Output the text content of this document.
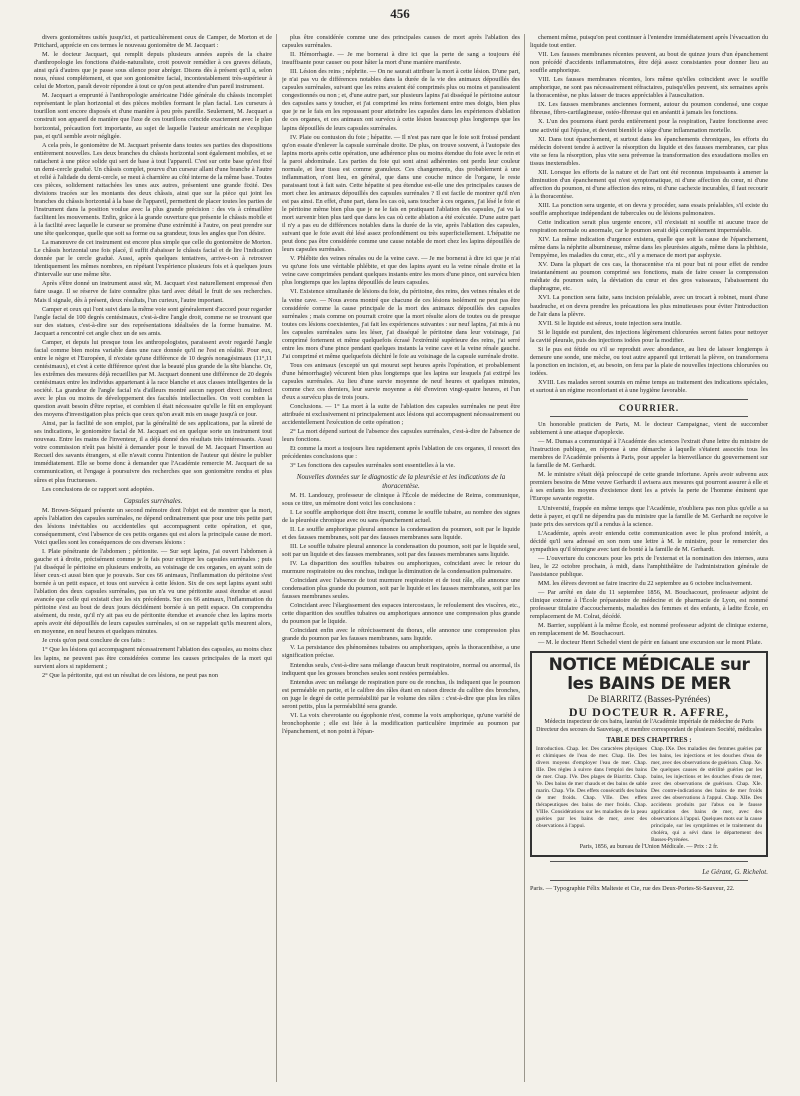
456

divers goniomètres usités jusqu'ici, et particulièrement ceux de Camper, de Morton et de Pritchard, apprécie en ces termes le nouveau goniomètre de M. Jacquart :

M. le docteur Jacquart, qui remplit depuis plusieurs années auprès de la chaire d'anthropologie les fonctions d'aide-naturaliste, croit pouvoir remédier à ces graves défauts, ainsi qu'à d'autres que je passe sous silence pour abréger. Disons dès à présent qu'il a, selon nous, réussi complétement, et que son goniomètre facial, incontestablement très-supérieur à celui de Morton, paraît devoir répondre à tout ce qu'on peut attendre d'un pareil instrument.

M. Jacquart a emprunté à l'anthropologie américaine l'idée générale du châssis incomplet représentant le plan horizontal et des pièces mobiles formant le plan facial. Les curseurs à tourillon sont encore disposés et d'une manière à peu près pareille. Seulement, M. Jacquart a construit son appareil de manière que l'axe de ces tourillons coïncide exactement avec le plan horizontal, précaution fort importante, au sujet de laquelle l'auteur américain ne s'explique pas, et qu'il semble avoir négligée.

A cela près, le goniomètre de M. Jacquart présente dans toutes ses parties des dispositions entièrement nouvelles. Les deux branches du châssis horizontal sont également mobiles, et se rattachent à une pièce solide qui sert de base à tout l'appareil. C'est sur cette base qu'est fixé un demi-cercle gradué. Un châssis complet, pourvu d'un curseur allant d'une branche à l'autre et relié à l'alidade du demi-cercle, se meut à charnière au côté interne de la même base. Toutes ces pièces, solidement rattachées les unes aux autres, présentent une grande fixité. Des divisions tracées sur les montants des deux châssis, ainsi que sur la pièce qui joint les branches du châssis horizontal à la base de l'appareil, permettent de placer toutes les parties de l'instrument dans la position voulue avec la plus grande précision : des vis à crémaillère facilitent les mouvements. Enfin, grâce à la grande ouverture que présente le châssis mobile et à la facilité avec laquelle le curseur se promène d'une extrémité à l'autre, on peut prendre sur une tête quelconque, quelle que soit sa forme ou sa grandeur, tous les angles que l'on désire.

La manœuvre de cet instrument est encore plus simple que celle du goniomètre de Morton. Le châssis horizontal une fois placé, il suffit d'abaisser le châssis facial et de lire l'indication donnée par le cercle gradué. Aussi, après quelques tentatives, arrive-t-on à retrouver identiquement les mêmes nombres, en répétant l'expérience plusieurs fois et à quelques jours d'intervalle sur une même tête.

Après s'être donné un instrument aussi sûr, M. Jacquart s'est naturellement empressé d'en faire usage. Il se réserve de faire connaître plus tard avec détail le fruit de ses recherches. Mais il signale, dès à présent, deux résultats, l'un curieux, l'autre important.

Camper et ceux qui l'ont suivi dans la même voie sont généralement d'accord pour regarder l'angle facial de 100 degrés centésimaux, c'est-à-dire l'angle droit, comme ne se trouvant que sur des statues, c'est-à-dire sur des représentations idéalisées de la forme humaine. M. Jacquart a rencontré cet angle chez un de ses amis.

Camper, et depuis lui presque tous les anthropologistes, paraissent avoir regardé l'angle facial comme bien moins variable dans une race donnée qu'il ne l'est en réalité. Pour eux, entre le nègre et l'Européen, il n'existe qu'une différence de 10 degrés nonagésimaux (11°,11 centésimaux), et c'est à cette différence qu'est due la beauté plus grande de la tête blanche. Or, les extrêmes des mesures déjà recueillies par M. Jacquart donnent une différence de 20 degrés centésimaux entre les individus appartenant à la race blanche et aux classes intelligentes de la société. La grandeur de l'angle facial n'a d'ailleurs montré aucun rapport direct ou indirect avec le plus ou moins de développement des facultés intellectuelles. On voit combien la question avait besoin d'être reprise, et combien il était nécessaire qu'elle le fût en employant des moyens d'investigation plus précis que ceux qu'on avait mis en usage jusqu'à ce jour.

Ainsi, par la facilité de son emploi, par la généralité de ses applications, par la sûreté de ses indications, le goniomètre facial de M. Jacquart est en quelque sorte un instrument tout nouveau. Entre les mains de l'inventeur, il a déjà donné des résultats très intéressants. Aussi votre commission n'eût pas hésité à demander pour le travail de M. Jacquart l'insertion au Recueil des savants étrangers, si elle n'avait connu l'intention de l'auteur qui désire le publier immédiatement. Elle se borne donc à demander que l'Académie remercie M. Jacquart de sa communication, et l'engage à poursuivre des recherches que son goniomètre rendra et plus sûres et plus fructueuses.

Les conclusions de ce rapport sont adoptées.

Capsules surrénales.

M. Brown-Séquard présente un second mémoire dont l'objet est de montrer que la mort, après l'ablation des capsules surrénales, ne dépend ordinairement que pour une très petite part des lésions inévitables ou accidentelles qui accompagnent cette opération, et que, conséquemment, c'est l'absence de ces petits organes qui est alors la principale cause de mort. Voici quelles sont les conséquences de ces diverses lésions :

I. Plaie pénétrante de l'abdomen ; péritonite. — Sur sept lapins, j'ai ouvert l'abdomen à gauche et à droite, précisément comme je le fais pour extirper les capsules surrénales ; puis j'ai disséqué le péritoine en plusieurs endroits, au voisinage de ces organes, en ayant soin de léser ceux-ci aussi bien que je pouvais. Sur ces 66 animaux, l'inflammation du péritoine s'est bornée à un petit espace, et tous ont survécu à cette lésion. Six de ces sept lapins ayant subi l'ablation des deux capsules surrénales, pas un n'a vu une péritonite aussi étendue et aussi avancée que celle qui existait chez les six précédents. Sur ces 66 animaux, l'inflammation du péritoine s'est au bout de deux jours décidément bornée à un petit espace. On comprendra aisément, du reste, qu'il n'y ait pas eu de péritonite étendue et avancée chez les lapins morts après avoir été dépouillés de leurs capsules surrénales, si on se rappelait qu'ils meurent alors, en moyenne, en neuf heures et quelques minutes.

Je crois qu'on peut conclure de ces faits :

1° Que les lésions qui accompagnent nécessairement l'ablation des capsules, au moins chez les lapins, ne peuvent pas être considérées comme les causes principales de la mort qui survient alors si rapidement ;

2° Que la péritonite, qui est un résultat de ces lésions, ne peut pas non

plus être considérée comme une des principales causes de mort après l'ablation des capsules surrénales.

II. Hémorrhagie. — Je me bornerai à dire ici que la perte de sang a toujours été insuffisante pour causer ou pour hâter la mort d'une manière manifeste.

III. Lésion des reins ; néphrite. — On ne saurait attribuer la mort à cette lésion. D'une part, je n'ai pas vu de différences notables dans la durée de la vie des animaux dépouillés des capsules surrénales, suivant que les reins avaient été comprimés plus ou moins et paraissaient congestionnés ou non ; et, d'une autre part, sur plusieurs lapins j'ai disséqué le péritoine autour des capsules sans y toucher, et j'ai comprimé les reins fortement entre mes doigts, bien plus que je ne le fais en les repoussant pour atteindre les capsules dans les expériences d'ablation de ces organes, et ces animaux ont survécu à cette lésion beaucoup plus longtemps que les lapins dépouillés de leurs capsules surrénales.

IV. Plaie ou contusion du foie ; hépatite. — Il n'est pas rare que le foie soit froissé pendant qu'on essaie d'enlever la capsule surrénale droite. De plus, on trouve souvent, à l'autopsie des lapins morts après cette opération, une adhérence plus ou moins étendue du foie avec le rein et la paroi abdominale. Les parties du foie qui sont ainsi adhérentes ont perdu leur couleur normale, et leur tissu est comme granuleux. Ces changements, dus probablement à une inflammation, n'ont lieu, en général, que dans une couche mince de l'organe, le reste paraissant tout à fait sain. Cette hépatite si peu étendue est-elle une des principales causes de mort chez les animaux dépouillés des capsules surrénales ? Il est facile de montrer qu'il n'en est pas ainsi. En effet, d'une part, dans les cas où, sans toucher à ces organes, j'ai lésé le foie et le péritoine même bien plus que je ne le fais en pratiquant l'ablation des capsules, j'ai vu la mort survenir bien plus tard que dans les cas où cette ablation a été exécutée. D'une autre part il n'y a pas eu de différences notables dans la durée de la vie, après l'ablation des capsules, suivant que le foie avait été lésé assez profondément ou très superficiellement. L'hépatite ne peut donc pas être considérée comme une cause notable de mort chez les lapins dépouillés de leurs capsules surrénales.

V. Phlébite des veines rénales ou de la veine cave. — Je me bornerai à dire ici que je n'ai vu qu'une fois une véritable phlébite, et que des lapins ayant eu la veine rénale droite et la veine cave comprimées pendant quelques instants entre les mors d'une pince, ont survécu bien plus longtemps que les lapins dépouillés de leurs capsules.

VI. Existence simultanée de lésions du foie, du péritoine, des reins, des veines rénales et de la veine cave. — Nous avons montré que chacune de ces lésions isolément ne peut pas être considérée comme la cause principale de la mort des animaux dépouillés des capsules surrénales ; mais comme on pourrait croire que la mort résulte alors de toutes ou de presque toutes ces lésions coexistentes, j'ai fait les expériences suivantes : sur neuf lapins, j'ai mis à nu les capsules surrénales sans les léser, j'ai disséqué le péritoine dans leur voisinage, j'ai comprimé fortement et même quelquefois écrasé l'extrémité supérieure des reins, j'ai serré entre les mors d'une pince pendant quelques instants la veine cave et la veine rénale gauche. J'ai comprimé et même quelquefois déchiré le foie au voisinage de la capsule surrénale droite.

Tous ces animaux (excepté un qui mourut sept heures après l'opération, et probablement d'une hémorrhagie) vécurent bien plus longtemps que les lapins sur lesquels j'ai extirpé les capsules surrénales. Au lieu d'une survie moyenne de neuf heures et quelques minutes, comme chez ces derniers, leur survie moyenne a été d'environ vingt-quatre heures, et l'un d'eux a survécu plus de trois jours.

Conclusions. — 1° La mort à la suite de l'ablation des capsules surrénales ne peut être attribuée ni exclusivement ni principalement aux lésions qui accompagnent nécessairement ou accidentellement l'exécution de cette opération ;

2° La mort dépend surtout de l'absence des capsules surrénales, c'est-à-dire de l'absence de leurs fonctions.

Et comme la mort a toujours lieu rapidement après l'ablation de ces organes, il ressort des précédentes conclusions que :

3° Les fonctions des capsules surrénales sont essentielles à la vie.

Nouvelles données sur le diagnostic de la pleurésie et les indications de la thoracentèse.

M. H. Landouzy, professeur de clinique à l'École de médecine de Reims, communique, sous ce titre, un mémoire dont voici les conclusions :

I. Le souffle amphorique doit être inscrit, comme le souffle tubaire, au nombre des signes de la pleurésie chronique avec ou sans épanchement actuel.

II. Le souffle amphorique pleural annonce la condensation du poumon, soit par le liquide et des fausses membranes, soit par des fausses membranes sans liquide.

III. Le souffle tubaire pleural annonce la condensation du poumon, soit par le liquide seul, soit par un liquide et des fausses membranes, soit par des fausses membranes sans liquide.

IV. La disparition des souffles tubaires ou amphoriques, coïncidant avec le retour du murmure respiratoire ou des ronchus, indique la diminution de la condensation pulmonaire.

Coïncidant avec l'absence de tout murmure respiratoire et de tout râle, elle annonce une condensation plus grande du poumon, soit par le liquide et les fausses membranes, soit par les fausses membranes seules.

Coïncidant avec l'élargissement des espaces intercostaux, le refoulement des viscères, etc., cette disparition des souffles tubaires ou amphoriques annonce une compression plus grande du poumon par le liquide.

Coïncidant enfin avec le rétrécissement du thorax, elle annonce une compression plus grande du poumon par les fausses membranes, sans liquide.

V. La persistance des phénomènes tubaires ou amphoriques, après la thoracenthèse, a une signification précise.

Entendus seuls, c'est-à-dire sans mélange d'aucun bruit respiratoire, normal ou anormal, ils indiquent que les grosses bronches seules sont restées perméables.

Entendus avec un mélange de respiration pure ou de ronchus, ils indiquent que le poumon est perméable en partie, et le calibre des râles étant en raison directe du calibre des bronches, on juge le degré de cette perméabilité par le volume des râles : c'est-à-dire que plus les râles seront petits, plus la perméabilité sera grande.

VI. La voix chevrotante ou égophonie n'est, comme la voix amphorique, qu'une variété de bronchophonie ; elle est liée à la modification particulière imprimée au poumon par l'épanchement, et non point à l'épan-

chement même, puisqu'on peut continuer à l'entendre immédiatement après l'évacuation du liquide tout entier.

VII. Les fausses membranes récentes peuvent, au bout de quinze jours d'un épanchement non précédé d'accidents inflammatoires, être déjà assez consistantes pour donner lieu au souffle amphorique.

VIII. Les fausses membranes récentes, lors même qu'elles coïncident avec le souffle amphorique, ne sont pas nécessairement réfractaires, puisqu'elles peuvent, six semaines après la thoracentèse, ne plus laisser de traces appréciables à l'auscultation.

IX. Les fausses membranes anciennes forment, autour du poumon condensé, une coque fibreuse, fibro-cartilagineuse, ostéo-fibreuse qui en anéantit à jamais les fonctions.

X. L'un des poumons étant perdu entièrement pour la respiration, l'autre fonctionne avec une activité qui l'épuise, et devient bientôt le siége d'une inflammation mortelle.

XI. Dans tout épanchement, et surtout dans les épanchements chroniques, les efforts du médecin doivent tendre à activer la résorption du liquide et des fausses membranes, car plus vite se fera la résorption, plus vite sera prévenue la transformation des exsudations molles en tissus inextensibles.

XII. Lorsque les efforts de la nature et de l'art ont été reconnus impuissants à amener la diminution d'un épanchement qui n'est symptomatique, ni d'une affection du cœur, ni d'une affection du poumon, ni d'une affection des reins, ni d'une cachexie incurables, il faut recourir à la thoracentèse.

XIII. La ponction sera urgente, et on devra y procéder, sans essais préalables, s'il existe du souffle amphorique indépendant de tubercules ou de lésions pulmonaires.

Cette indication serait plus urgente encore, s'il n'existait ni souffle ni aucune trace de respiration normale ou anormale, car le poumon serait déjà complétement imperméable.

XIV. La même indication d'urgence existera, quelle que soit la cause de l'épanchement, même dans la néphrite albumineuse, même dans les pleurésies aiguës, même dans la phthisie, l'empyème, les maladies du cœur, etc., s'il y a menace de mort par asphyxie.

XV. Dans la plupart de ces cas, la thoracentèse n'a ni pour but ni pour effet de rendre instantanément au poumon comprimé ses fonctions, mais de faire cesser la compression médiate du poumon sain, la déviation du cœur et des gros vaisseaux, l'abaissement du diaphragme, etc.

XVI. La ponction sera faite, sans incision préalable, avec un trocart à robinet, muni d'une baudruche, et on devra prendre les précautions les plus minutieuses pour éviter l'introduction de l'air dans la plèvre.

XVII. Si le liquide est séreux, toute injection sera inutile.

Si le liquide est purulent, des injections légèrement chlorurées seront faites pour nettoyer la cavité pleurale, puis des injections iodées pour la modifier.

Si le pus est fétide ou s'il se reproduit avec abondance, au lieu de laisser longtemps à demeure une sonde, une mèche, ou tout autre appareil qui irriterait la plèvre, on transformera la ponction en incision, et, au besoin, on fera par la plaie de nouvelles injections chlorurées ou iodées.

XVIII. Les malades seront soumis en même temps au traitement des indications spéciales, et surtout à un régime reconfortant et à une hygiène favorable.

COURRIER.

Un honorable praticien de Paris, M. le docteur Campaignac, vient de succomber subitement à une attaque d'apoplexie.

— M. Dumas a communiqué à l'Académie des sciences l'extrait d'une lettre du ministre de l'instruction publique, en réponse à une démarche à laquelle s'étaient associés tous les membres de l'Académie présents à Paris, pour appeler la bienveillance du gouvernement sur la famille de M. Gerhardt.

M. le ministre s'était déjà préoccupé de cette grande infortune. Après avoir subvenu aux premiers besoins de Mme veuve Gerhardt il avisera aux mesures qui pourront assurer à elle et à ses enfants les moyens d'existence dont les a privés la perte de l'homme éminent que l'Europe savante regrette.

L'Université, frappée en même temps que l'Académie, n'oubliera pas non plus qu'elle a sa dette à payer, et qu'il ne dépendra pas du ministre que la famille de M. Gerhardt ne reçoive le juste prix des services qu'il a rendus à la science.

L'Académie, après avoir entendu cette communication avec le plus profond intérêt, a décidé qu'il sera adressé en son nom une lettre à M. le ministre, pour le remercier des sympathies qu'il témoigne avec tant de bonté à la famille de M. Gerhardt.

— L'ouverture du concours pour les prix de l'externat et la nomination des internes, aura lieu, le 22 octobre prochain, à midi, dans l'amphithéâtre de l'administration générale de l'assistance publique.

MM. les élèves devront se faire inscrire du 22 septembre au 6 octobre inclusivement.

— Par arrêté en date du 11 septembre 1856, M. Bouchacourt, professeur adjoint de clinique externe à l'École préparatoire de médecine et de pharmacie de Lyon, est nommé professeur titulaire d'accouchements, maladies des femmes et des enfants, à ladite École, en remplacement de M. Colrat, décédé.

M. Barrier, suppléant à la même École, est nommé professeur adjoint de clinique externe, en remplacement de M. Bouchacourt.

— M. le docteur Henri Schedel vient de périr en faisant une excursion sur le mont Pilate.

NOTICE MÉDICALE sur les BAINS DE MER
De BIARRITZ (Basses-Pyrénées)
DU DOCTEUR R. AFFRE,
Médecin inspecteur de ces bains, lauréat de l'Académie impériale de médecine de Paris Directeur des secours du Sauvetage, et membre correspondant de plusieurs Société, médicales
TABLE DES CHAPITRES :
Introduction. Chap. Ier. Des caractères physiques et chimiques de l'eau de mer. Chap. IIe. Des divers moyens d'employer l'eau de mer. Chap. IIIe. Des règles à suivre dans l'emploi des bains de mer. Chap. IVe. Des plages de Biarritz. Chap. Ve. Des bains de mer chauds et des bains de sable marin. Chap. VIe. Des effets consécutifs des bains de mer froids. Chap. VIIe. Des effets thérapeutiques des bains de mer froids. Chap. VIIIe. Considérations sur les maladies de la peau guéries par les bains de mer, avec des observations à l'appui.
Chap. IXe. Des maladies des femmes guéries par les bains, les injections et les douches d'eau de mer, avec des observations de guérison. Chap. Xe. De quelques causes de stérilité guéries par les bains, les injections et les douches d'eau de mer, avec des observations de guérison. Chap. XIe. Des contre-indications des bains de mer froids avec des observations à l'appui. Chap. XIIe. Des accidents produits par l'abus ou le fausse application des bains de mer, avec des observations à l'appui. Quelques mots sur la cause principale, sur les symptômes et le traitement du choléra, qui a sévi dans le département des Basses-Pyrénées.
Paris, 1856, au bureau de l'Union Médicale. — Prix : 2 fr.
Le Gérant, G. Richelot.
Paris. — Typographie Félix Malteste et Cie, rue des Deux-Portes-St-Sauveur, 22.
